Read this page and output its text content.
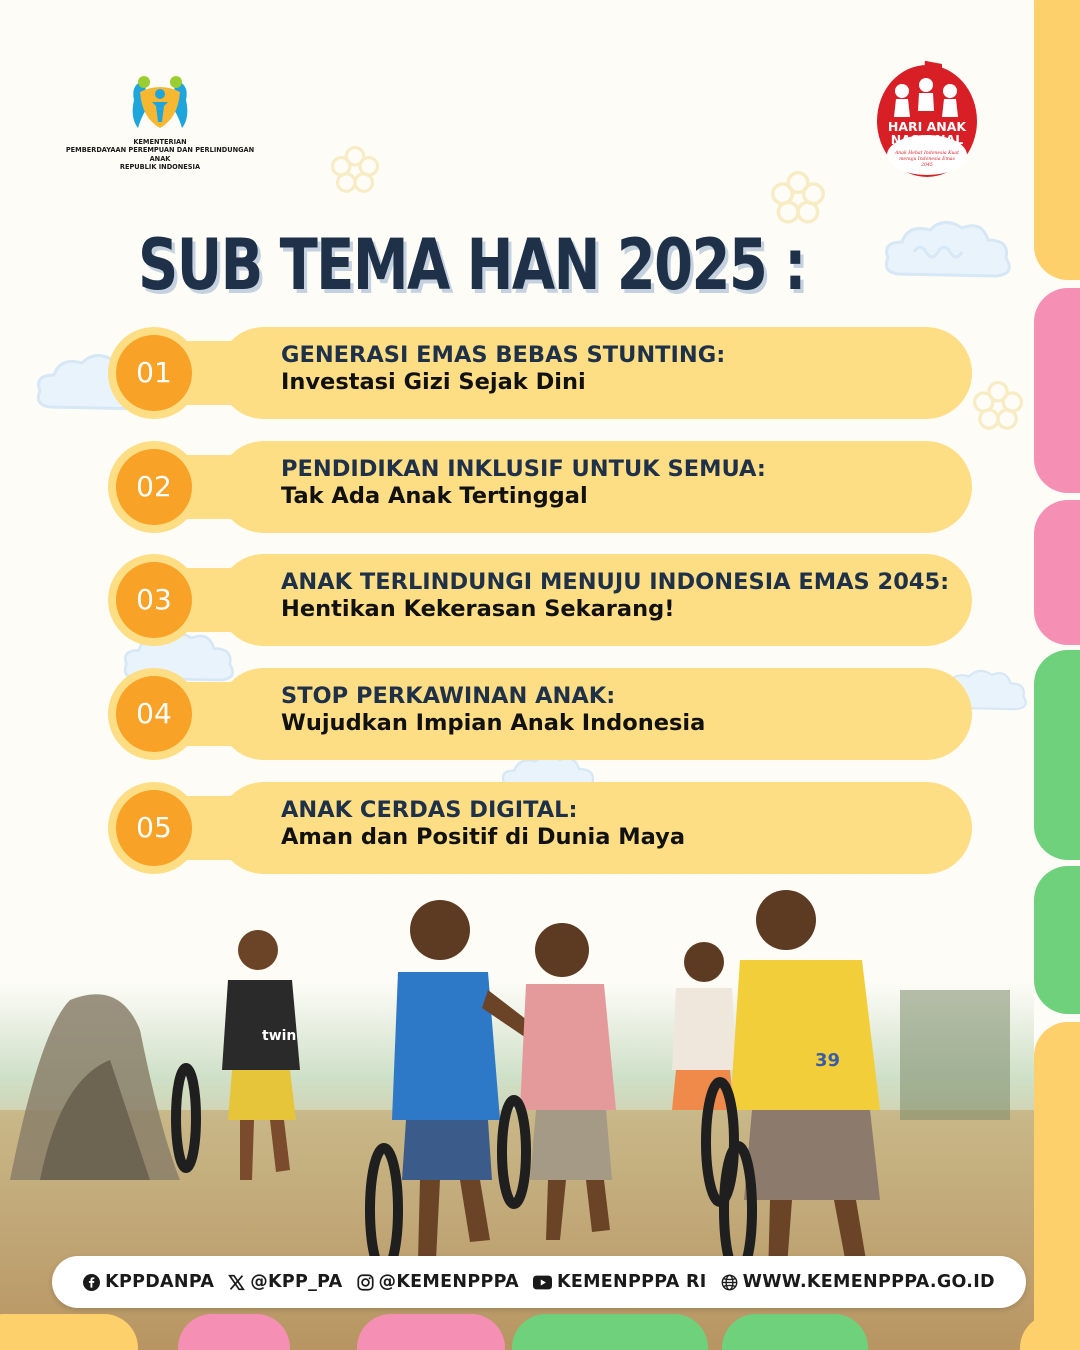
KEMENTERIAN
PEMBERDAYAAN PEREMPUAN DAN PERLINDUNGAN ANAK
REPUBLIK INDONESIA
HARI ANAK
NASIONAL
Anak Hebat Indonesia Kuat menuju Indonesia Emas 2045
SUB TEMA HAN 2025 :
01
GENERASI EMAS BEBAS STUNTING:
Investasi Gizi Sejak Dini
02
PENDIDIKAN INKLUSIF UNTUK SEMUA:
Tak Ada Anak Tertinggal
03
ANAK TERLINDUNGI MENUJU INDONESIA EMAS 2045:
Hentikan Kekerasan Sekarang!
04
STOP PERKAWINAN ANAK:
Wujudkan Impian Anak Indonesia
05
ANAK CERDAS DIGITAL:
Aman dan Positif di Dunia Maya
39
twin
KPPDANPA @KPP_PA @KEMENPPPA KEMENPPPA RI WWW.KEMENPPPA.GO.ID
